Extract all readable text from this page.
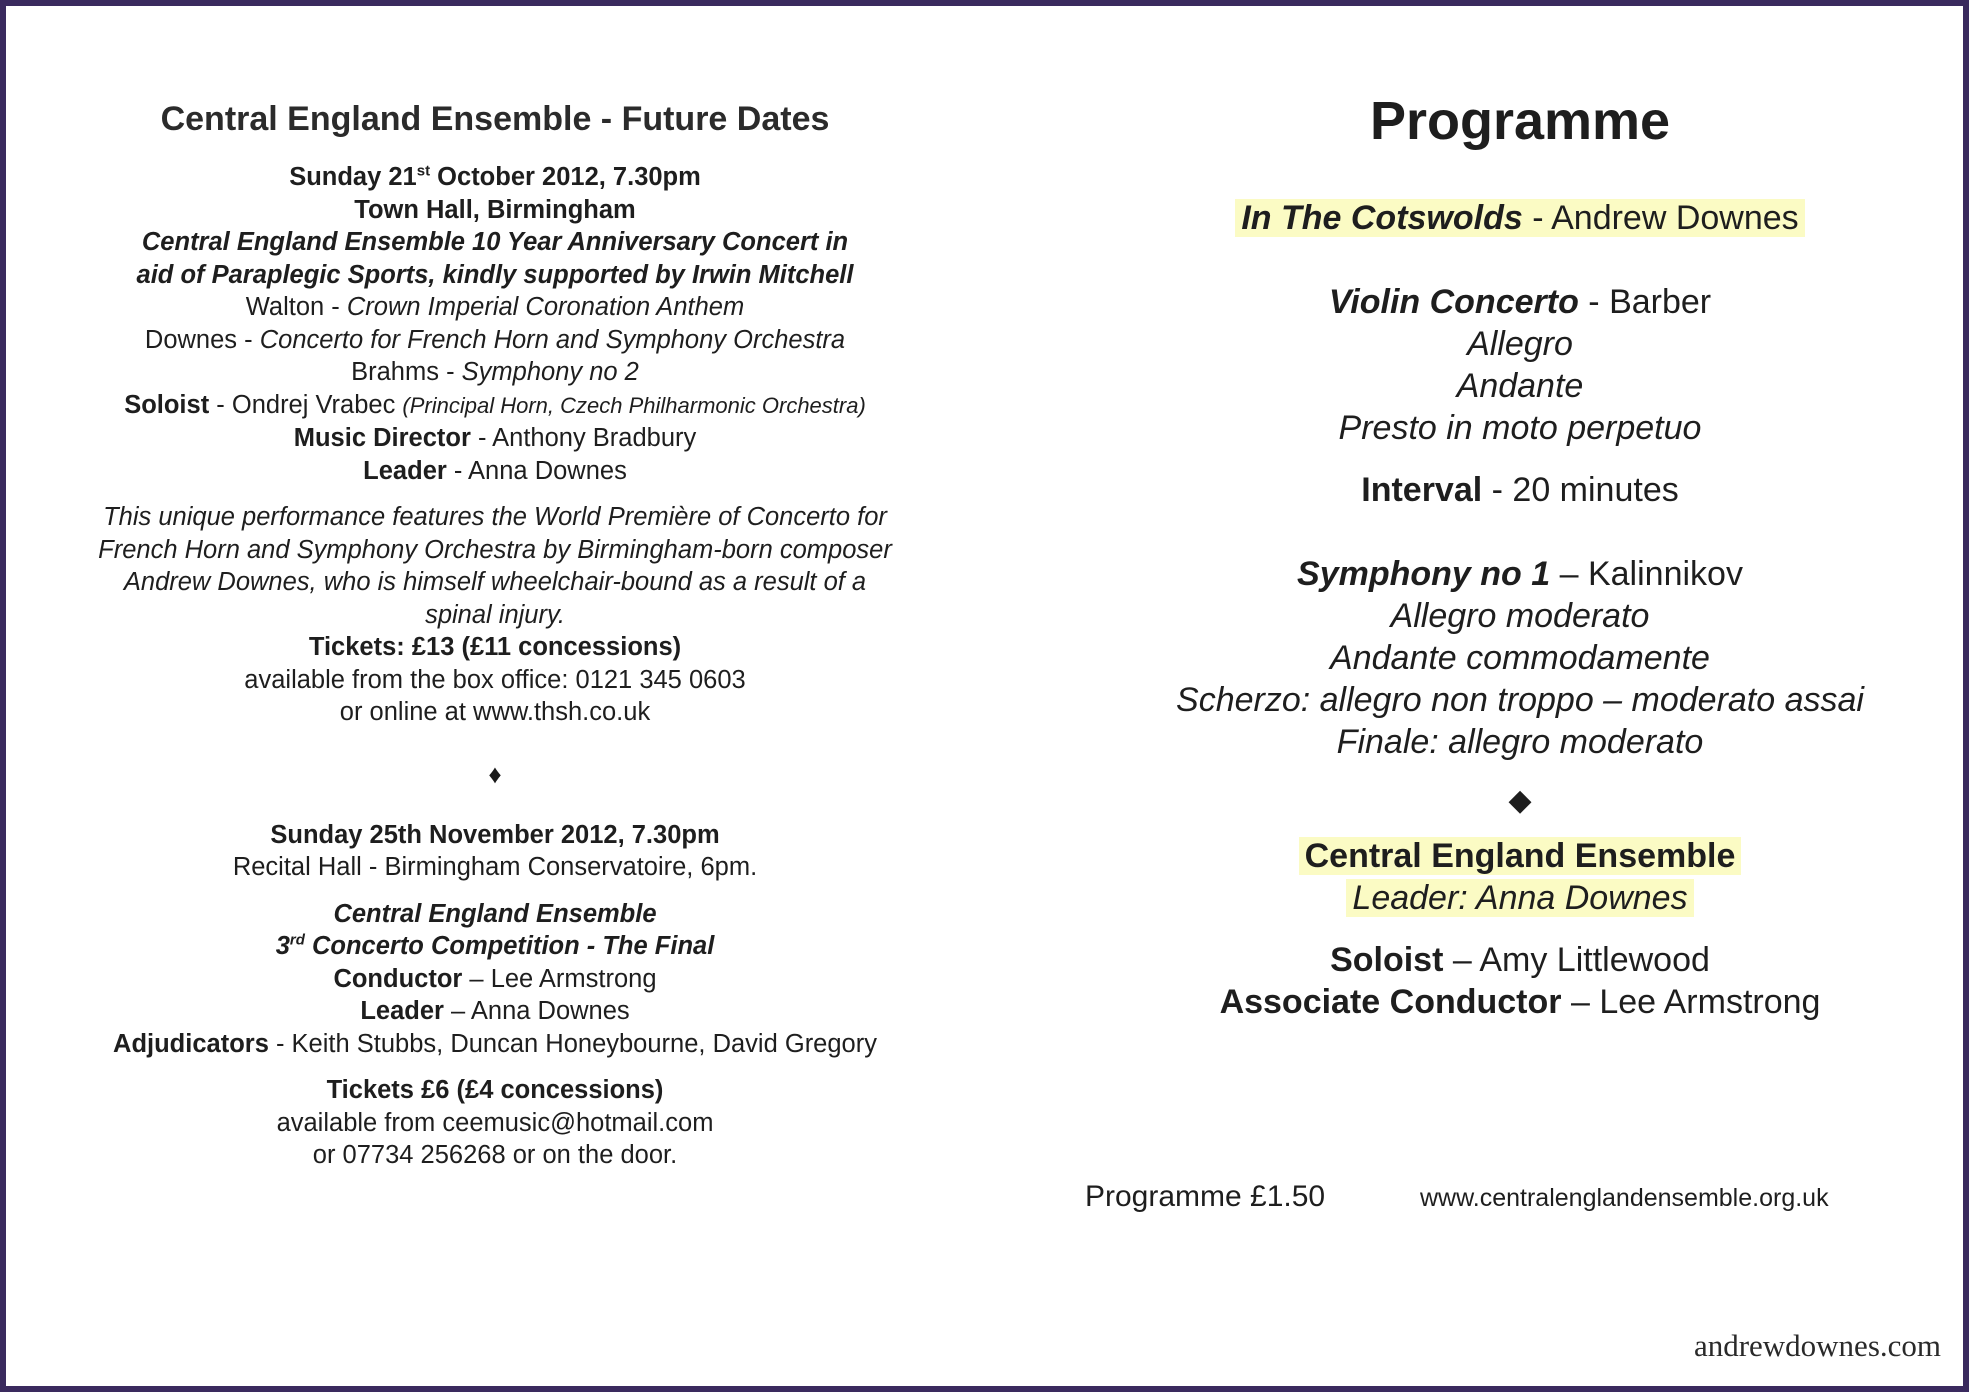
Central England Ensemble - Future Dates

Sunday 21st October 2012, 7.30pm

Town Hall, Birmingham

Central England Ensemble 10 Year Anniversary Concert in

aid of Paraplegic Sports, kindly supported by Irwin Mitchell

Walton - Crown Imperial Coronation Anthem

Downes - Concerto for French Horn and Symphony Orchestra

Brahms - Symphony no 2

Soloist - Ondrej Vrabec (Principal Horn, Czech Philharmonic Orchestra)

Music Director - Anthony Bradbury

Leader - Anna Downes

This unique performance features the World Première of Concerto for

French Horn and Symphony Orchestra by Birmingham-born composer

Andrew Downes, who is himself wheelchair-bound as a result of a

spinal injury.

Tickets: £13 (£11 concessions)

available from the box office: 0121 345 0603

or online at www.thsh.co.uk

♦

Sunday 25th November 2012, 7.30pm

Recital Hall - Birmingham Conservatoire, 6pm.

Central England Ensemble

3rd Concerto Competition - The Final

Conductor – Lee Armstrong

Leader – Anna Downes

Adjudicators - Keith Stubbs, Duncan Honeybourne, David Gregory

Tickets £6 (£4 concessions)

available from ceemusic@hotmail.com

or 07734 256268 or on the door.

Programme

In The Cotswolds - Andrew Downes

Violin Concerto - Barber

Allegro

Andante

Presto in moto perpetuo

Interval - 20 minutes

Symphony no 1 – Kalinnikov

Allegro moderato

Andante commodamente

Scherzo: allegro non troppo – moderato assai

Finale: allegro moderato

◆

Central England Ensemble

Leader: Anna Downes

Soloist – Amy Littlewood

Associate Conductor – Lee Armstrong

Programme £1.50	www.centralenglandensemble.org.uk
andrewdownes.com
